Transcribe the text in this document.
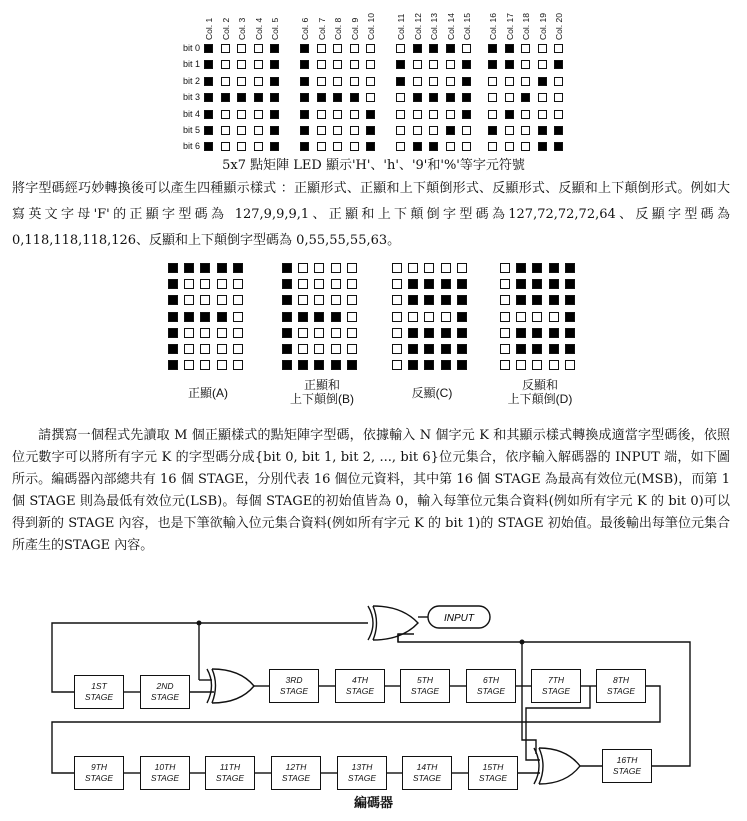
bit 0
bit 1
bit 2
bit 3
bit 4
bit 5
bit 6
Col. 1 Col. 2 Col. 3 Col. 4 Col. 5 Col. 6 Col. 7 Col. 8 Col. 9 Col. 10 Col. 11 Col. 12 Col. 13 Col. 14 Col. 15 Col. 16 Col. 17 Col. 18 Col. 19 Col. 20
5x7 點矩陣 LED 顯示'H'、'h'、'9'和'%'等字元符號
將字型碼經巧妙轉換後可以產生四種顯示樣式 ：正顯形式、正顯和上下顛倒形式、反顯形式、反顯和上下顛倒形式。例如大寫英文字母'F'的正顯字型碼為 127,9,9,9,1、正顯和上下顛倒字型碼為127,72,72,72,64、反顯字型碼為 0,118,118,118,126、反顯和上下顛倒字型碼為 0,55,55,55,63。
正顯(A)
正顯和
上下顛倒(B)	反顯(C)
反顯和
上下顛倒(D)
請撰寫一個程式先讀取 M 個正顯樣式的點矩陣字型碼，依據輸入 N 個字元 K 和其顯示樣式轉換成適當字型碼後，依照位元數字可以將所有字元 K 的字型碼分成{bit 0, bit 1, bit 2, ..., bit 6}位元集合，依序輸入解碼器的 INPUT 端，如下圖所示。編碼器內部總共有 16 個 STAGE，分別代表 16 個位元資料，其中第 16 個 STAGE 為最高有效位元(MSB)，而第 1 個 STAGE 則為最低有效位元(LSB)。每個 STAGE的初始值皆為 0，輸入每筆位元集合資料(例如所有字元 K 的 bit 0)可以得到新的 STAGE 內容，也是下筆欲輸入位元集合資料(例如所有字元 K 的 bit 1)的 STAGE 初始值。最後輸出每筆位元集合所產生的STAGE 內容。
INPUT
1ST
STAGE
2ND
STAGE
3RD
STAGE
4TH
STAGE
5TH
STAGE
6TH
STAGE
7TH
STAGE
8TH
STAGE
9TH
STAGE
10TH
STAGE
11TH
STAGE
12TH
STAGE
13TH
STAGE
14TH
STAGE
15TH
STAGE
16TH
STAGE
編碼器
